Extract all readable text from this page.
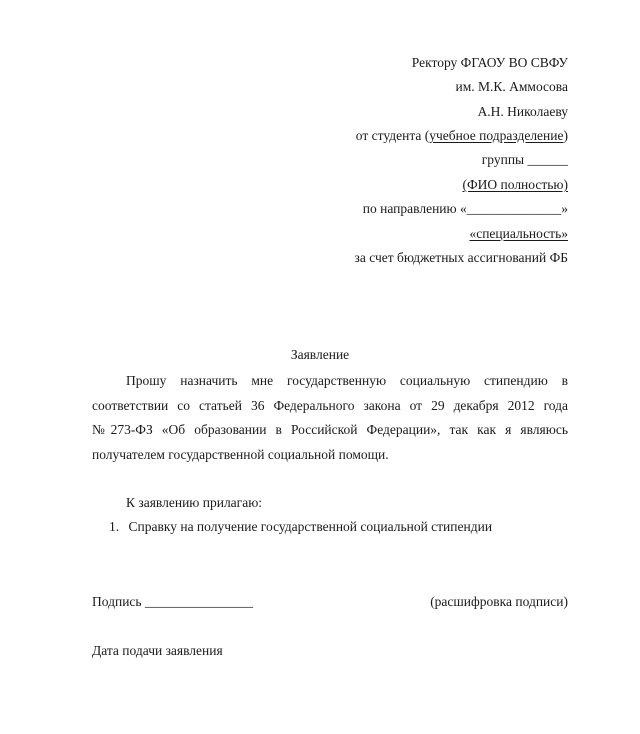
Ректору ФГАОУ ВО СВФУ
им. М.К. Аммосова
А.Н. Николаеву
от студента (учебное подразделение)
группы ______
(ФИО полностью)
по направлению «______________»
«специальность»
за счет бюджетных ассигнований ФБ
Заявление
Прошу назначить мне государственную социальную стипендию в
соответствии со статьей 36 Федерального закона от 29 декабря 2012 года
№273-ФЗ «Об образовании в Российской Федерации», так как я являюсь
получателем государственной социальной помощи.
К заявлению прилагаю:
1. Справку на получение государственной социальной стипендии
Подпись ________________	(расшифровка подписи)
Дата подачи заявления
